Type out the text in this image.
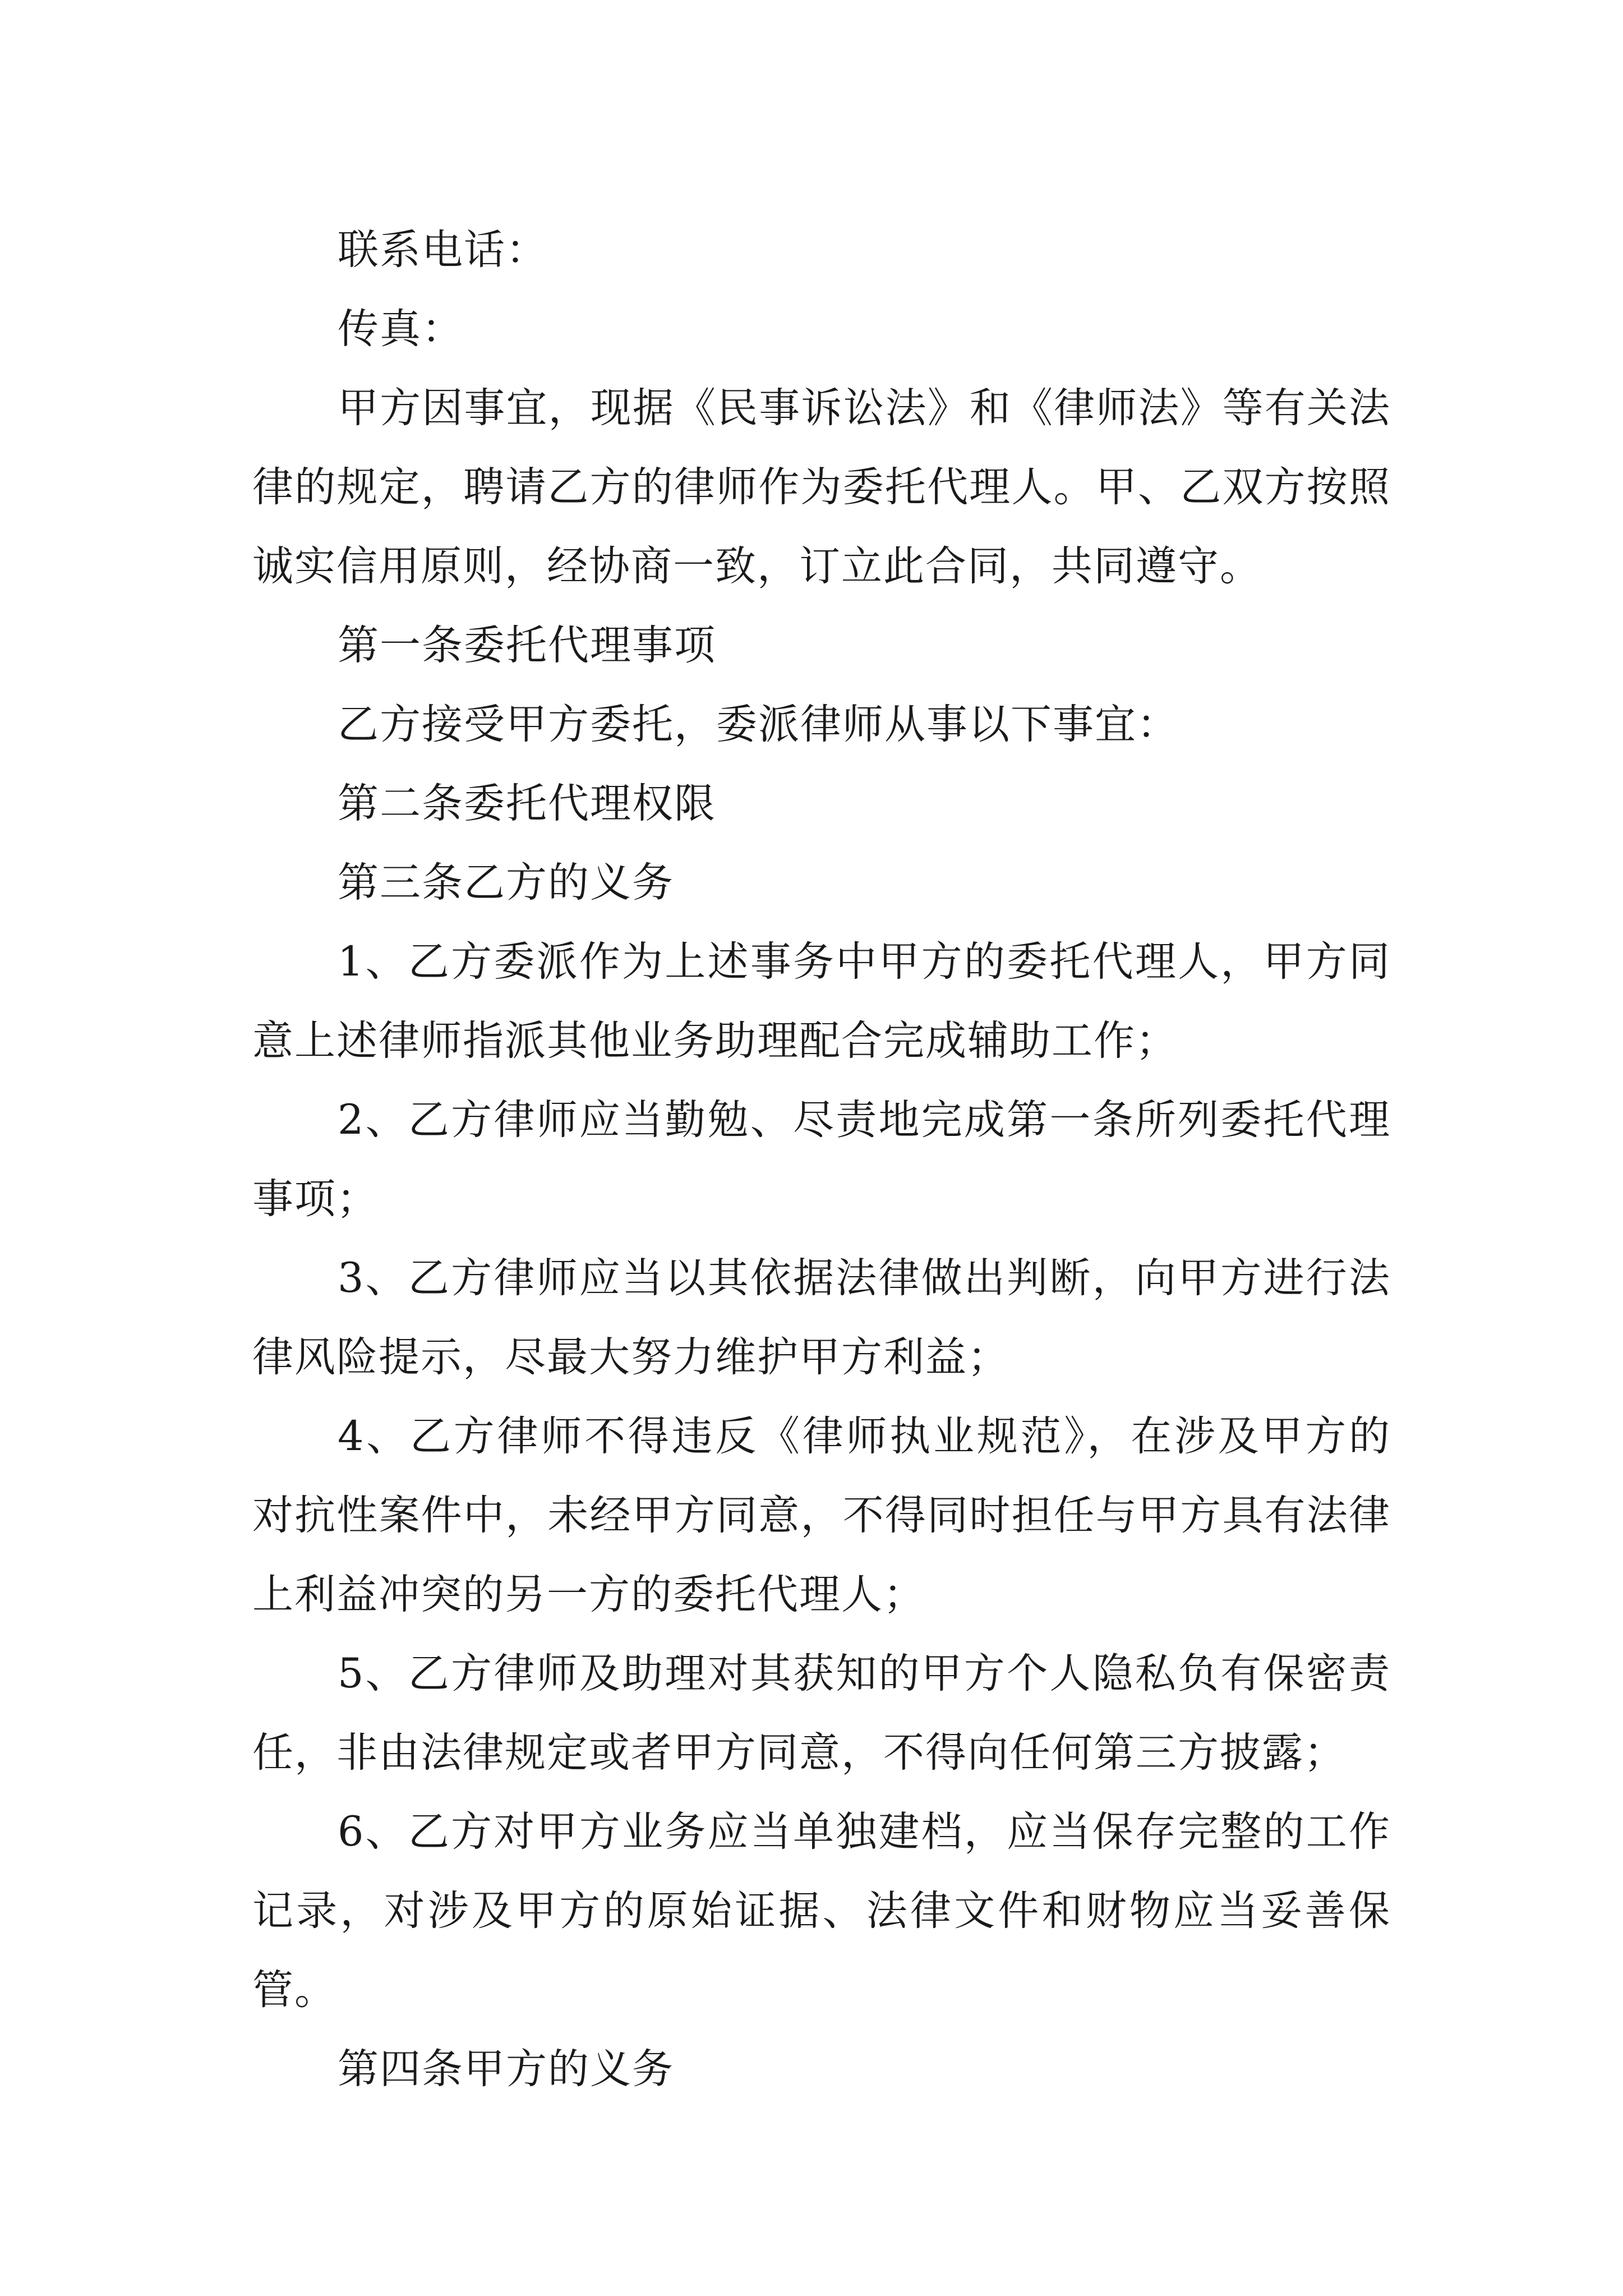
联系电话：

传真：

甲方因事宜，现据《民事诉讼法》和《律师法》等有关法律的规定，聘请乙方的律师作为委托代理人。甲、乙双方按照诚实信用原则，经协商一致，订立此合同，共同遵守。

第一条委托代理事项

乙方接受甲方委托，委派律师从事以下事宜：

第二条委托代理权限

第三条乙方的义务

1、乙方委派作为上述事务中甲方的委托代理人，甲方同意上述律师指派其他业务助理配合完成辅助工作；

2、乙方律师应当勤勉、尽责地完成第一条所列委托代理事项；

3、乙方律师应当以其依据法律做出判断，向甲方进行法律风险提示，尽最大努力维护甲方利益；

4、乙方律师不得违反《律师执业规范》，在涉及甲方的对抗性案件中，未经甲方同意，不得同时担任与甲方具有法律上利益冲突的另一方的委托代理人；

5、乙方律师及助理对其获知的甲方个人隐私负有保密责任，非由法律规定或者甲方同意，不得向任何第三方披露；

6、乙方对甲方业务应当单独建档，应当保存完整的工作记录，对涉及甲方的原始证据、法律文件和财物应当妥善保管。

第四条甲方的义务
